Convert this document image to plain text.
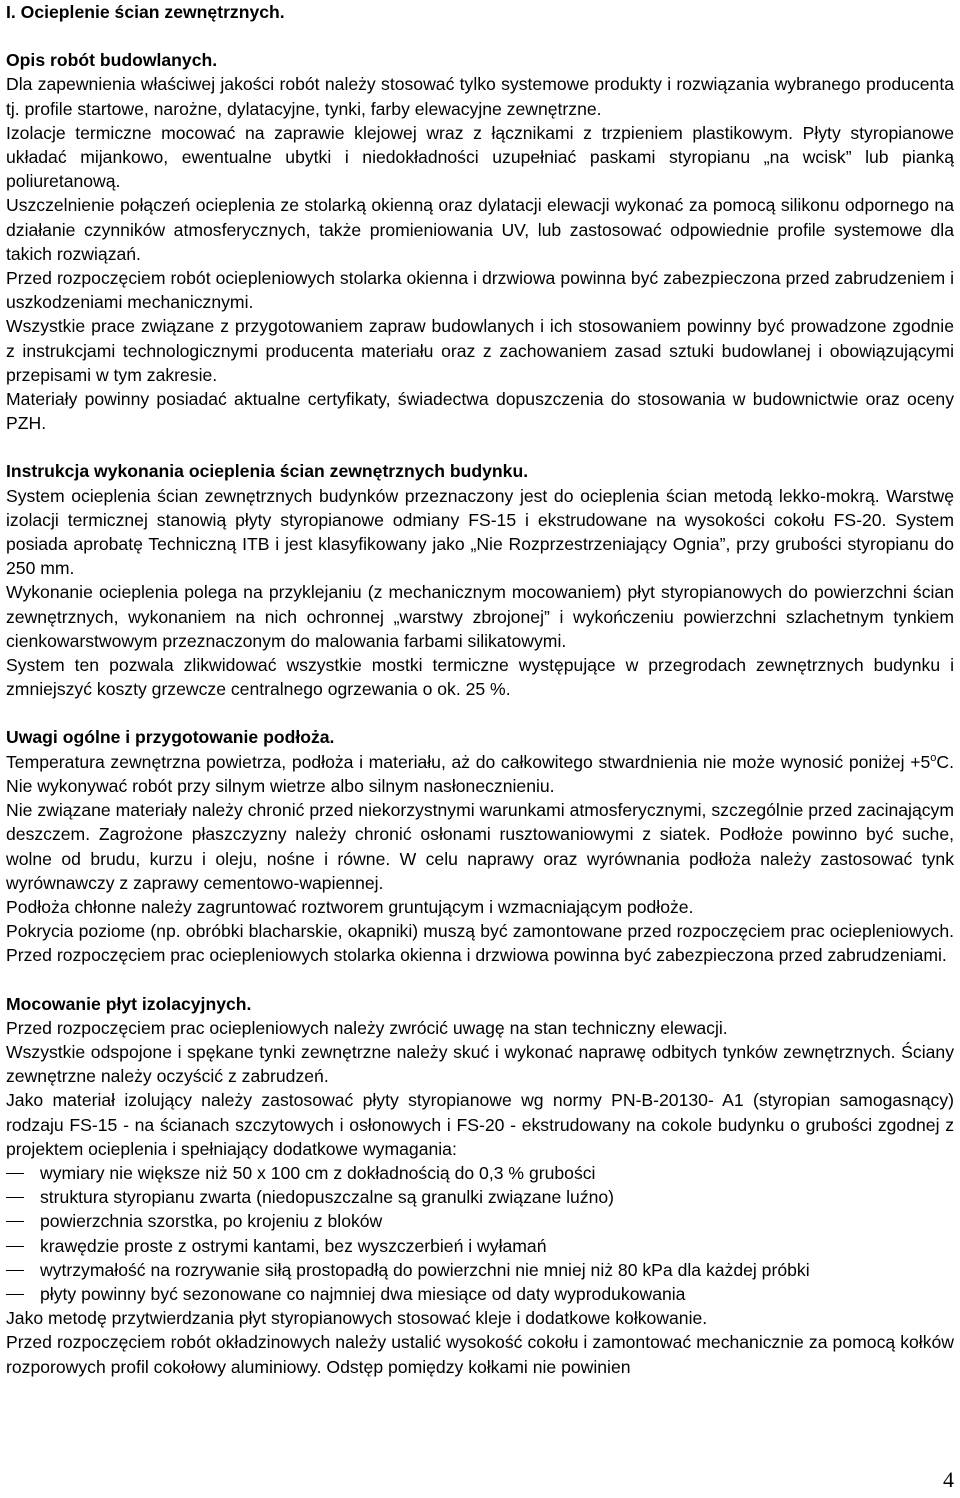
I. Ocieplenie ścian zewnętrznych.
Opis robót budowlanych.

Dla zapewnienia właściwej jakości robót należy stosować tylko systemowe produkty i rozwiązania wybranego producenta tj. profile startowe, narożne, dylatacyjne, tynki, farby elewacyjne zewnętrzne.

Izolacje termiczne mocować na zaprawie klejowej wraz z łącznikami z trzpieniem plastikowym. Płyty styropianowe układać mijankowo, ewentualne ubytki i niedokładności uzupełniać paskami styropianu „na wcisk” lub pianką poliuretanową.

Uszczelnienie połączeń ocieplenia ze stolarką okienną oraz dylatacji elewacji wykonać za pomocą silikonu odpornego na działanie czynników atmosferycznych, także promieniowania UV, lub zastosować odpowiednie profile systemowe dla takich rozwiązań.

Przed rozpoczęciem robót ociepleniowych stolarka okienna i drzwiowa powinna być zabezpieczona przed zabrudzeniem i uszkodzeniami mechanicznymi.

Wszystkie prace związane z przygotowaniem zapraw budowlanych i ich stosowaniem powinny być prowadzone zgodnie z instrukcjami technologicznymi producenta materiału oraz z zachowaniem zasad sztuki budowlanej i obowiązującymi przepisami w tym zakresie.

Materiały powinny posiadać aktualne certyfikaty, świadectwa dopuszczenia do stosowania w budownictwie oraz oceny PZH.

Instrukcja wykonania ocieplenia ścian zewnętrznych budynku.

System ocieplenia ścian zewnętrznych budynków przeznaczony jest do ocieplenia ścian metodą lekko-mokrą. Warstwę izolacji termicznej stanowią płyty styropianowe odmiany FS-15 i ekstrudowane na wysokości cokołu FS-20. System posiada aprobatę Techniczną ITB i jest klasyfikowany jako „Nie Rozprzestrzeniający Ognia”, przy grubości styropianu do 250 mm.

Wykonanie ocieplenia polega na przyklejaniu (z mechanicznym mocowaniem) płyt styropianowych do powierzchni ścian zewnętrznych, wykonaniem na nich ochronnej „warstwy zbrojonej” i wykończeniu powierzchni szlachetnym tynkiem cienkowarstwowym przeznaczonym do malowania farbami silikatowymi.

System ten pozwala zlikwidować wszystkie mostki termiczne występujące w przegrodach zewnętrznych budynku i zmniejszyć koszty grzewcze centralnego ogrzewania o ok. 25 %.

Uwagi ogólne i przygotowanie podłoża.

Temperatura zewnętrzna powietrza, podłoża i materiału, aż do całkowitego stwardnienia nie może wynosić poniżej $+5^oC$. Nie wykonywać robót przy silnym wietrze albo silnym nasłonecznieniu.

Nie związane materiały należy chronić przed niekorzystnymi warunkami atmosferycznymi, szczególnie przed zacinającym deszczem. Zagrożone płaszczyzny należy chronić osłonami rusztowaniowymi z siatek. Podłoże powinno być suche, wolne od brudu, kurzu i oleju, nośne i równe. W celu naprawy oraz wyrównania podłoża należy zastosować tynk wyrównawczy z zaprawy cementowo-wapiennej.

Podłoża chłonne należy zagruntować roztworem gruntującym i wzmacniającym podłoże.

Pokrycia poziome (np. obróbki blacharskie, okapniki) muszą być zamontowane przed rozpoczęciem prac ociepleniowych. Przed rozpoczęciem prac ociepleniowych stolarka okienna i drzwiowa powinna być zabezpieczona przed zabrudzeniami.

Mocowanie płyt izolacyjnych.

Przed rozpoczęciem prac ociepleniowych należy zwrócić uwagę na stan techniczny elewacji.

Wszystkie odspojone i spękane tynki zewnętrzne należy skuć i wykonać naprawę odbitych tynków zewnętrznych. Ściany zewnętrzne należy oczyścić z zabrudzeń.

Jako materiał izolujący należy zastosować płyty styropianowe wg normy PN-B-20130- A1 (styropian samogasnący) rodzaju FS-15 - na ścianach szczytowych i osłonowych i FS-20 - ekstrudowany na cokole budynku o grubości zgodnej z projektem ocieplenia i spełniający dodatkowe wymagania:

wymiary nie większe niż 50 x 100 cm z dokładnością do 0,3 % grubości
struktura styropianu zwarta (niedopuszczalne są granulki związane luźno)
powierzchnia szorstka, po krojeniu z bloków
krawędzie proste z ostrymi kantami, bez wyszczerbień i wyłamań
wytrzymałość na rozrywanie siłą prostopadłą do powierzchni nie mniej niż 80 kPa dla każdej próbki
płyty powinny być sezonowane co najmniej dwa miesiące od daty wyprodukowania

Jako metodę przytwierdzania płyt styropianowych stosować kleje i dodatkowe kołkowanie.

Przed rozpoczęciem robót okładzinowych należy ustalić wysokość cokołu i zamontować mechanicznie za pomocą kołków rozporowych profil cokołowy aluminiowy. Odstęp pomiędzy kołkami nie powinien

4
